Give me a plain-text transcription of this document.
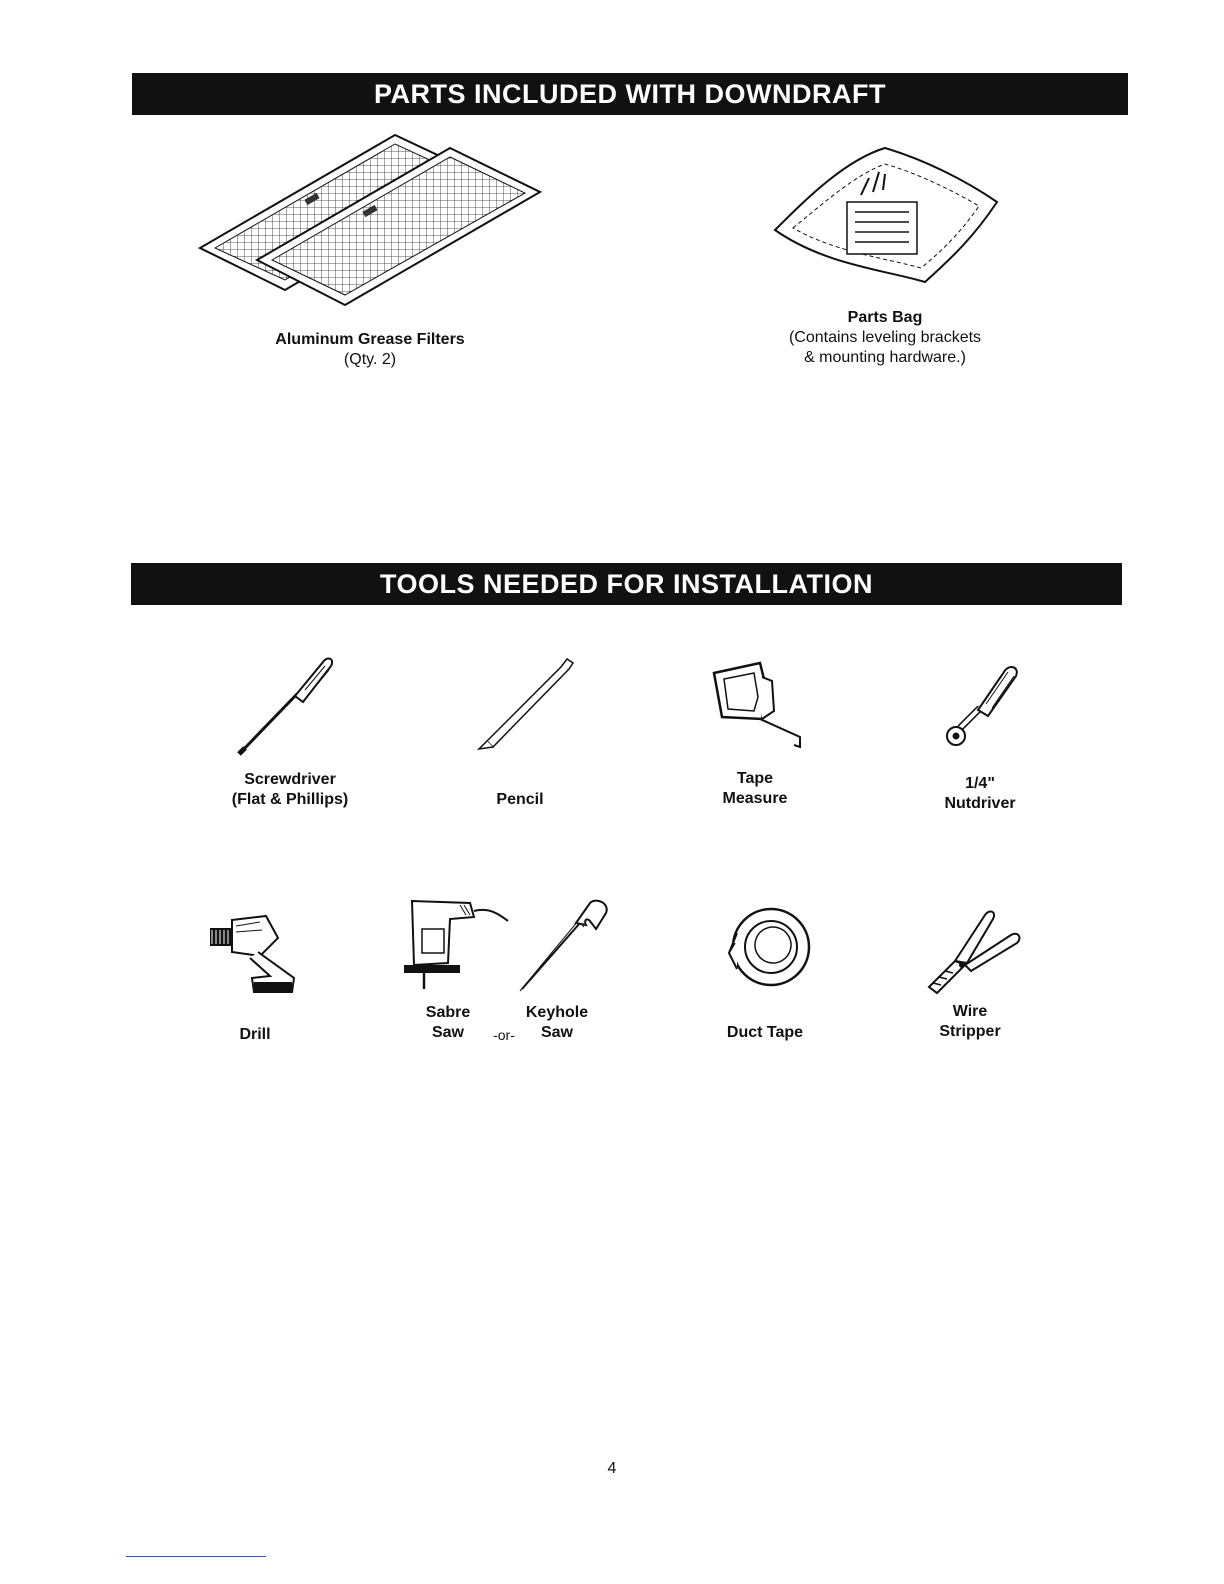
PARTS INCLUDED WITH DOWNDRAFT
Aluminum Grease Filters
(Qty. 2)
Parts Bag
(Contains leveling brackets
& mounting hardware.)
TOOLS NEEDED FOR INSTALLATION
Screwdriver
(Flat & Phillips)	Pencil
Tape
Measure
1/4"
Nutdriver
Drill
Sabre
Saw	-or-
Keyhole
Saw	Duct Tape
Wire
Stripper
4
